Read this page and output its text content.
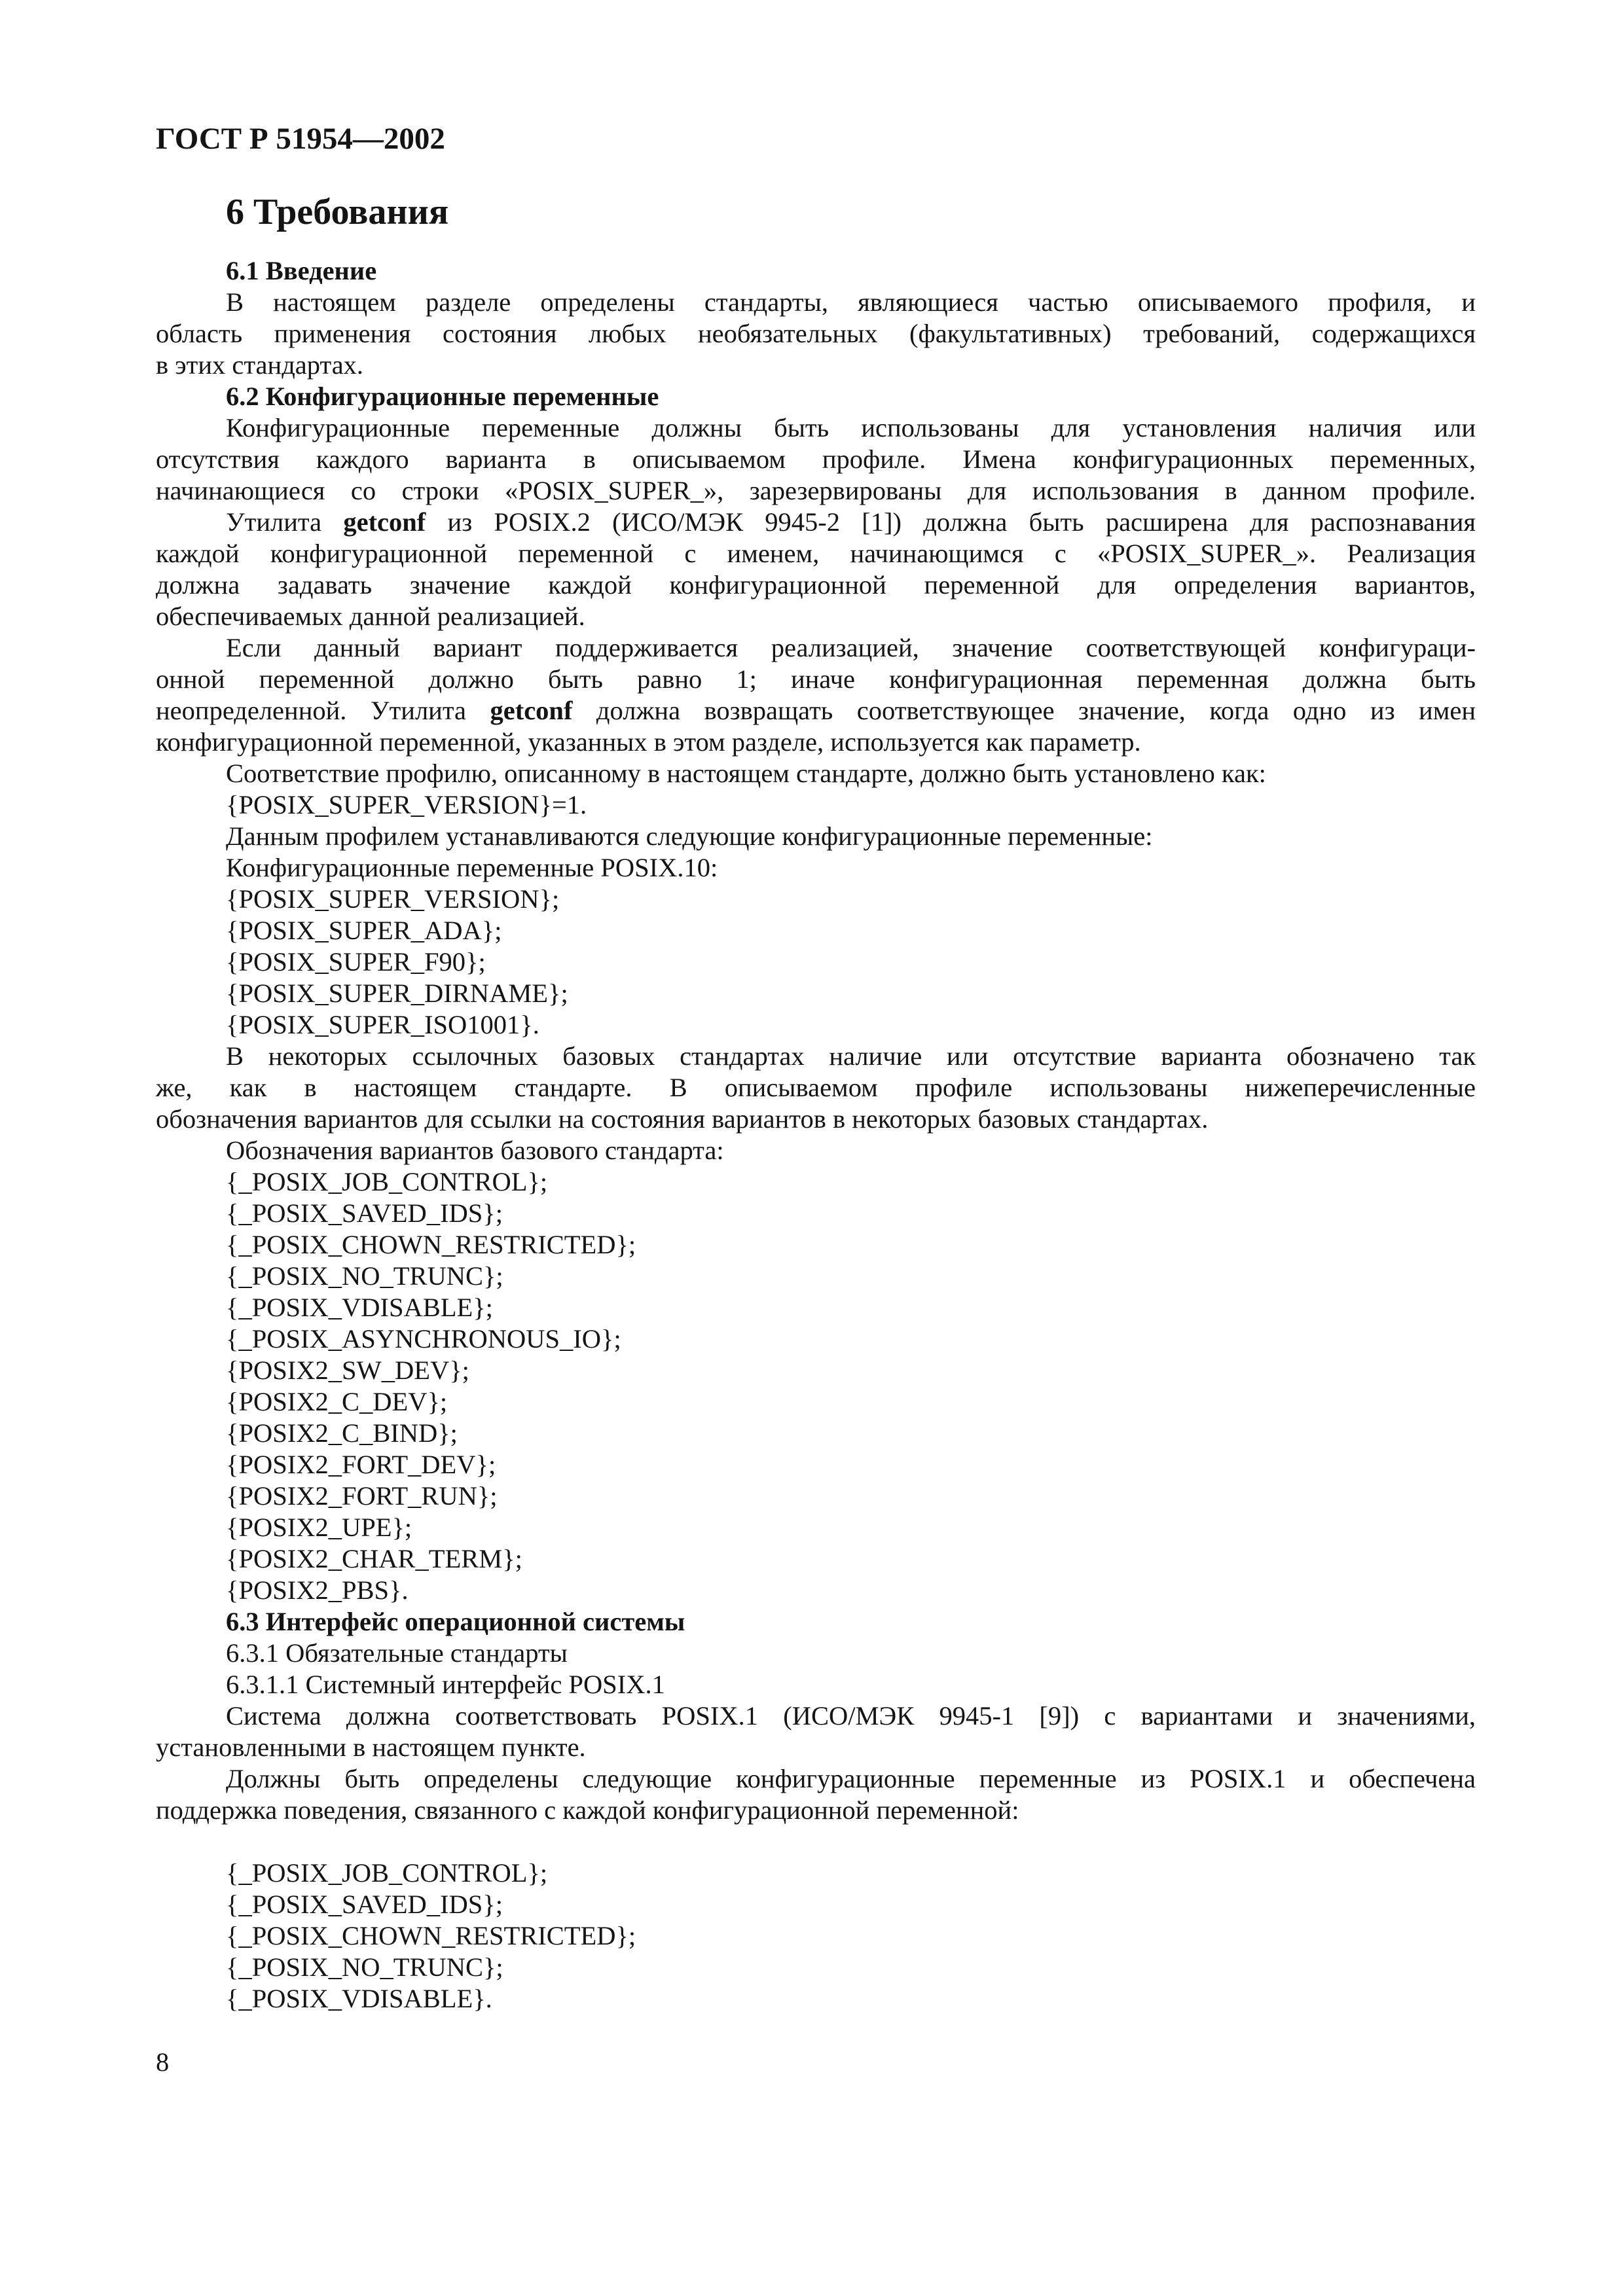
ГОСТ Р 51954—2002
6 Требования
6.1 Введение
В настоящем разделе определены стандарты, являющиеся частью описываемого профиля, и
область применения состояния любых необязательных (факультативных) требований, содержащихся
в этих стандартах.
6.2 Конфигурационные переменные
Конфигурационные переменные должны быть использованы для установления наличия или
отсутствия каждого варианта в описываемом профиле. Имена конфигурационных переменных,
начинающиеся со строки «POSIX_SUPER_», зарезервированы для использования в данном профиле.
Утилита getconf из POSIX.2 (ИСО/МЭК 9945-2 [1]) должна быть расширена для распознавания
каждой конфигурационной переменной с именем, начинающимся с «POSIX_SUPER_». Реализация
должна задавать значение каждой конфигурационной переменной для определения вариантов,
обеспечиваемых данной реализацией.
Если данный вариант поддерживается реализацией, значение соответствующей конфигураци-
онной переменной должно быть равно 1; иначе конфигурационная переменная должна быть
неопределенной. Утилита getconf должна возвращать соответствующее значение, когда одно из имен
конфигурационной переменной, указанных в этом разделе, используется как параметр.
Соответствие профилю, описанному в настоящем стандарте, должно быть установлено как:
{POSIX_SUPER_VERSION}=1.
Данным профилем устанавливаются следующие конфигурационные переменные:
Конфигурационные переменные POSIX.10:
{POSIX_SUPER_VERSION};
{POSIX_SUPER_ADA};
{POSIX_SUPER_F90};
{POSIX_SUPER_DIRNAME};
{POSIX_SUPER_ISO1001}.
В некоторых ссылочных базовых стандартах наличие или отсутствие варианта обозначено так
же, как в настоящем стандарте. В описываемом профиле использованы нижеперечисленные
обозначения вариантов для ссылки на состояния вариантов в некоторых базовых стандартах.
Обозначения вариантов базового стандарта:
{_POSIX_JOB_CONTROL};
{_POSIX_SAVED_IDS};
{_POSIX_CHOWN_RESTRICTED};
{_POSIX_NO_TRUNC};
{_POSIX_VDISABLE};
{_POSIX_ASYNCHRONOUS_IO};
{POSIX2_SW_DEV};
{POSIX2_C_DEV};
{POSIX2_C_BIND};
{POSIX2_FORT_DEV};
{POSIX2_FORT_RUN};
{POSIX2_UPE};
{POSIX2_CHAR_TERM};
{POSIX2_PBS}.
6.3 Интерфейс операционной системы
6.3.1 Обязательные стандарты
6.3.1.1 Системный интерфейс POSIX.1
Система должна соответствовать POSIX.1 (ИСО/МЭК 9945-1 [9]) с вариантами и значениями,
установленными в настоящем пункте.
Должны быть определены следующие конфигурационные переменные из POSIX.1 и обеспечена
поддержка поведения, связанного с каждой конфигурационной переменной:
{_POSIX_JOB_CONTROL};
{_POSIX_SAVED_IDS};
{_POSIX_CHOWN_RESTRICTED};
{_POSIX_NO_TRUNC};
{_POSIX_VDISABLE}.
8
